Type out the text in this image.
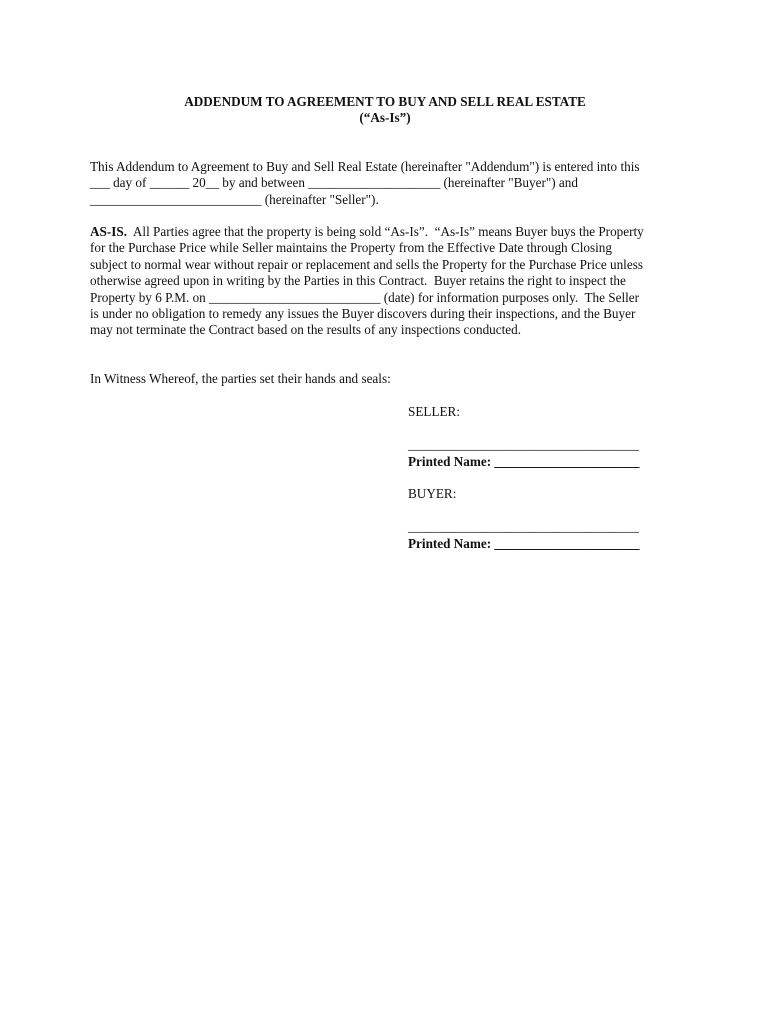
ADDENDUM TO AGREEMENT TO BUY AND SELL REAL ESTATE
(“As-Is”)
This Addendum to Agreement to Buy and Sell Real Estate (hereinafter "Addendum") is entered into this
___ day of ______ 20__ by and between ____________________ (hereinafter "Buyer") and
__________________________ (hereinafter "Seller").
AS-IS.  All Parties agree that the property is being sold “As-Is”.  “As-Is” means Buyer buys the Property
for the Purchase Price while Seller maintains the Property from the Effective Date through Closing
subject to normal wear without repair or replacement and sells the Property for the Purchase Price unless
otherwise agreed upon in writing by the Parties in this Contract.  Buyer retains the right to inspect the
Property by 6 P.M. on __________________________ (date) for information purposes only.  The Seller
is under no obligation to remedy any issues the Buyer discovers during their inspections, and the Buyer
may not terminate the Contract based on the results of any inspections conducted.
In Witness Whereof, the parties set their hands and seals:
SELLER:
___________________________________
Printed Name: ______________________
BUYER:
___________________________________
Printed Name: ______________________
